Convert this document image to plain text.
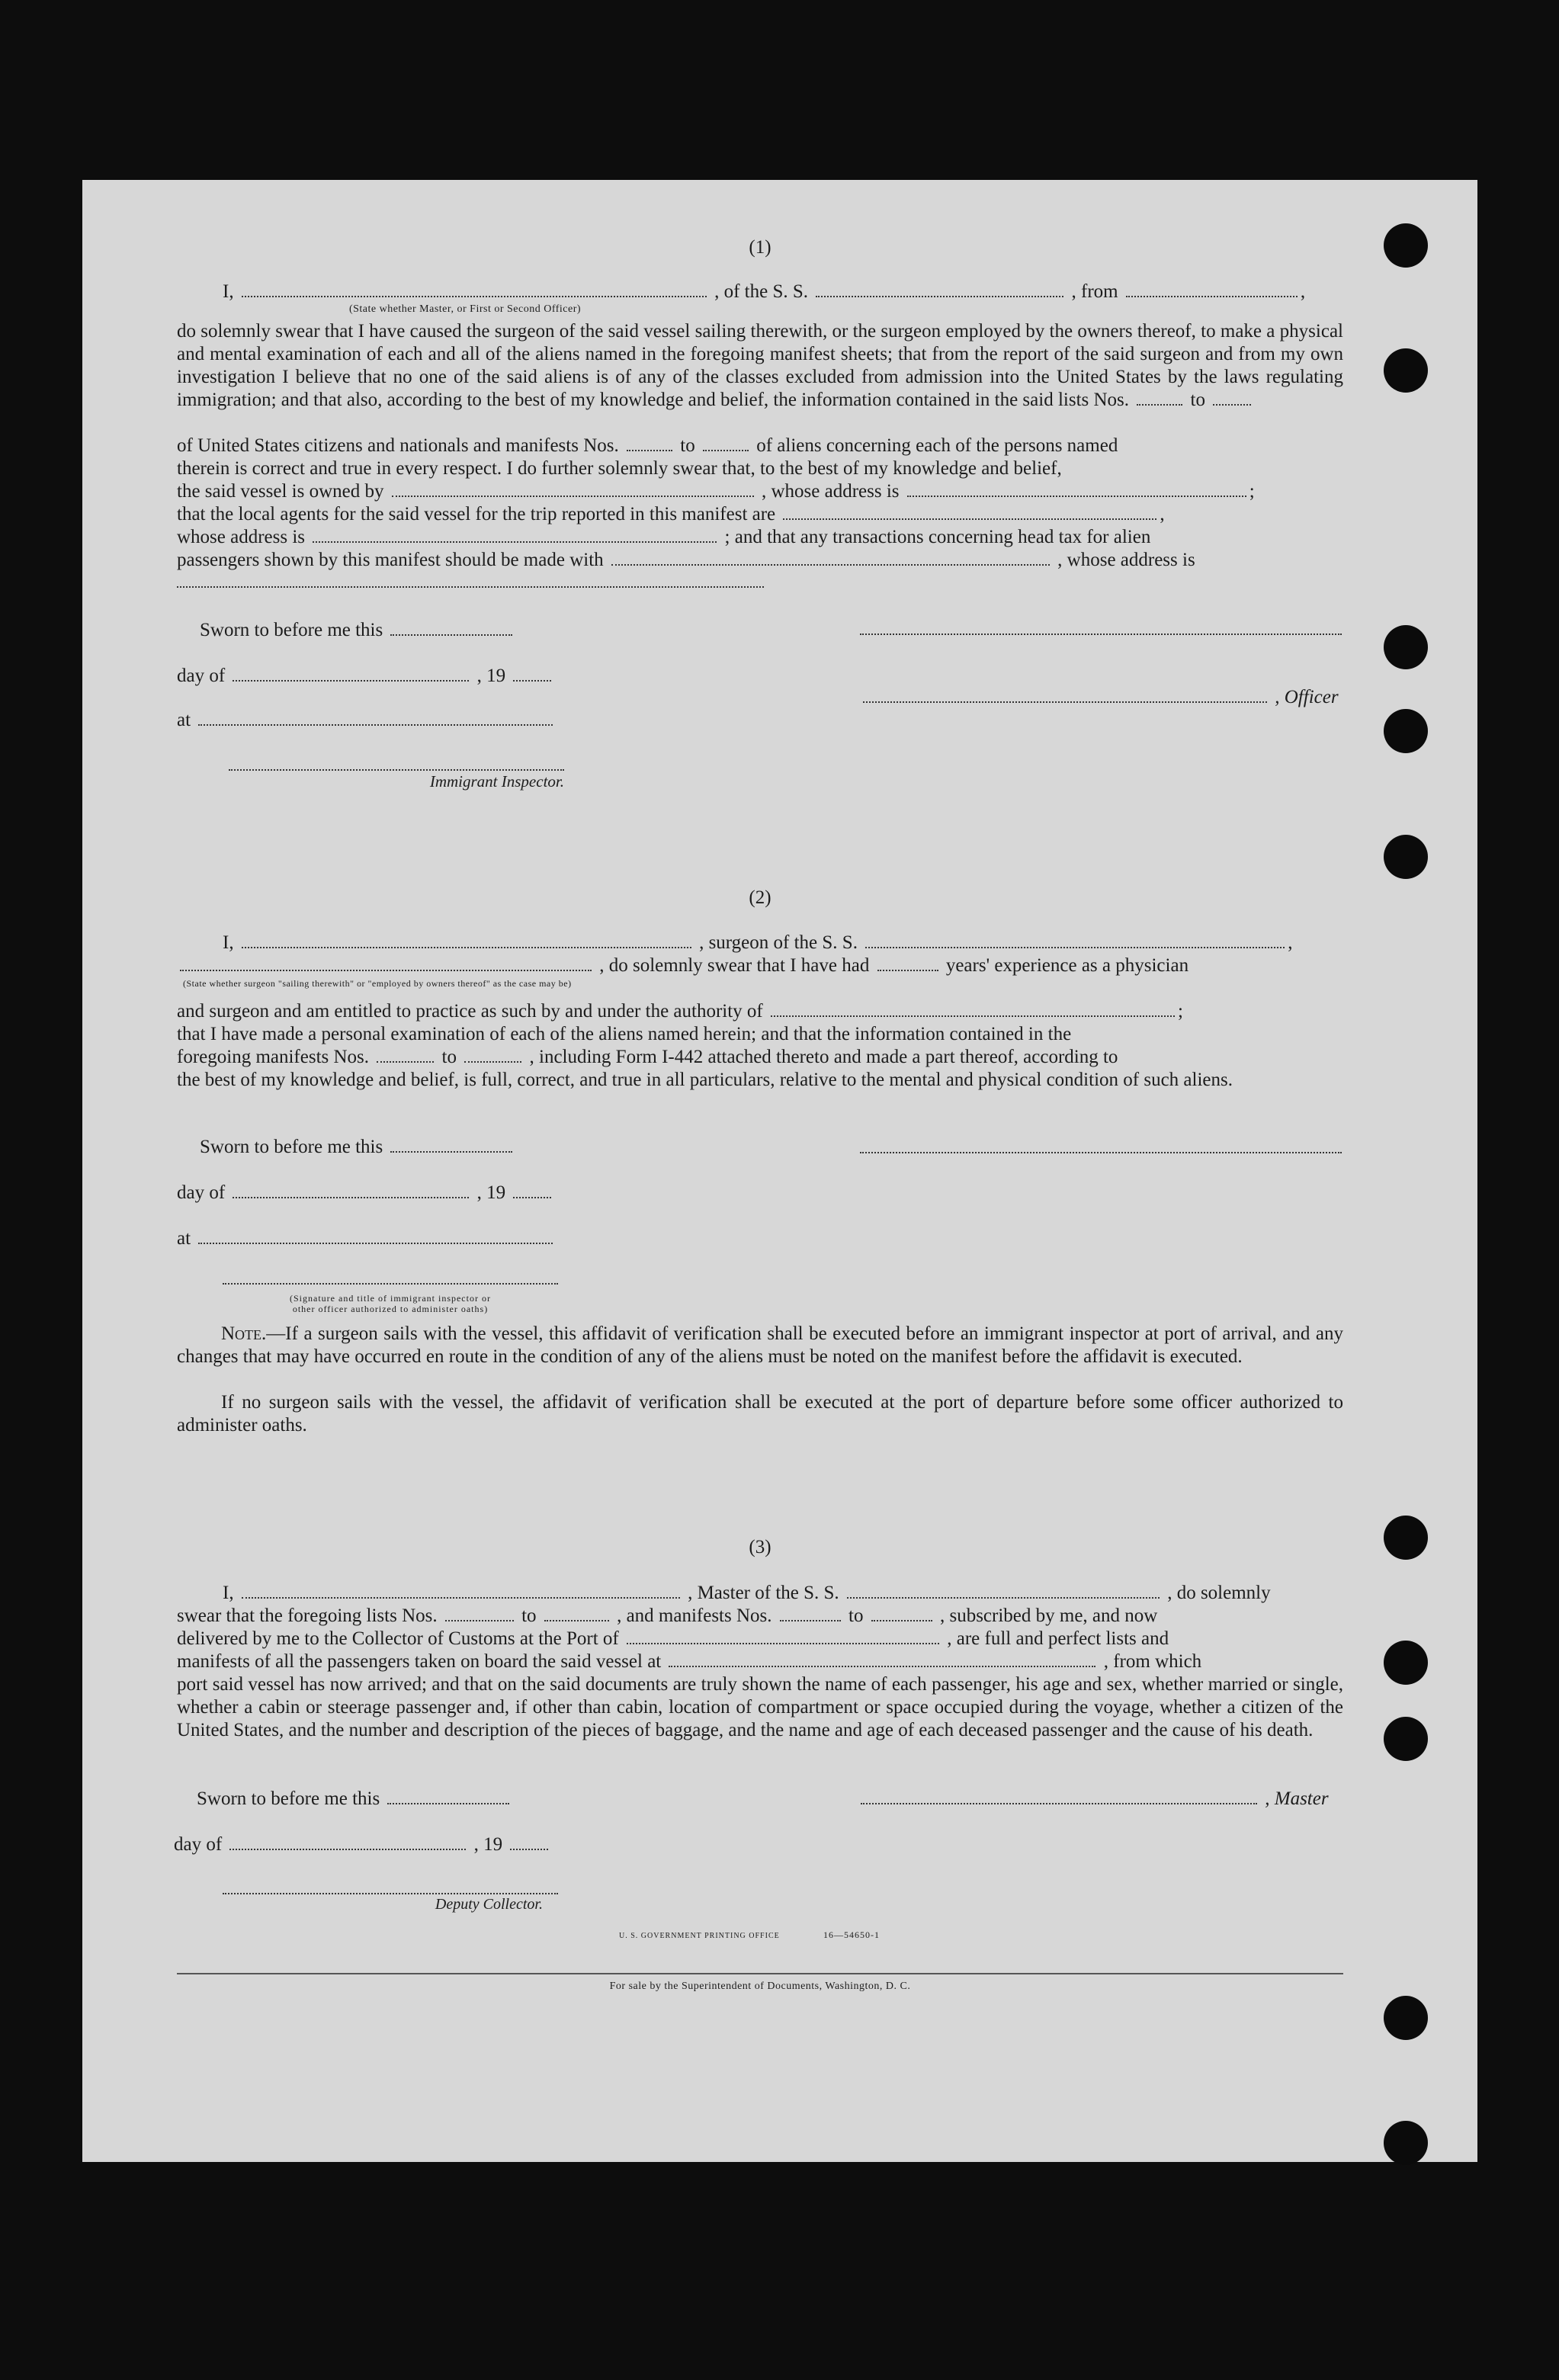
(1)
I,	, of the S. S.	, from	,
(State whether Master, or First or Second Officer)

do solemnly swear that I have caused the surgeon of the said vessel sailing therewith, or the surgeon employed by the owners thereof, to make a physical and mental examination of each and all of the aliens named in the foregoing manifest sheets; that from the report of the said surgeon and from my own investigation I believe that no one of the said aliens is of any of the classes excluded from admission into the United States by the laws regulating immigration; and that also, according to the best of my knowledge and belief, the information contained in the said lists Nos.	to
of United States citizens and nationals and manifests Nos.	to	of aliens concerning each of the persons named
therein is correct and true in every respect. I do further solemnly swear that, to the best of my knowledge and belief,
the said vessel is owned by	, whose address is	;
that the local agents for the said vessel for the trip reported in this manifest are	,
whose address is	; and that any transactions concerning head tax for alien
passengers shown by this manifest should be made with	, whose address is
Sworn to before me this
day of	, 19
, Officer
at
Immigrant Inspector.
(2)
I,	, surgeon of the S. S.	,
, do solemnly swear that I have had	years' experience as a physician
(State whether surgeon "sailing therewith" or "employed by owners thereof" as the case may be)
and surgeon and am entitled to practice as such by and under the authority of	;
that I have made a personal examination of each of the aliens named herein; and that the information contained in the
foregoing manifests Nos.	to	, including Form I-442 attached thereto and made a part thereof, according to
the best of my knowledge and belief, is full, correct, and true in all particulars, relative to the mental and physical condition of such aliens.
Sworn to before me this
day of	, 19
at
(Signature and title of immigrant inspector or
other officer authorized to administer oaths)
Note.—If a surgeon sails with the vessel, this affidavit of verification shall be executed before an immigrant inspector at port of arrival, and any changes that may have occurred en route in the condition of any of the aliens must be noted on the manifest before the affidavit is executed.
If no surgeon sails with the vessel, the affidavit of verification shall be executed at the port of departure before some officer authorized to administer oaths.
(3)
I,	, Master of the S. S.	, do solemnly
swear that the foregoing lists Nos.	to	, and manifests Nos.	to	, subscribed by me, and now
delivered by me to the Collector of Customs at the Port of	, are full and perfect lists and
manifests of all the passengers taken on board the said vessel at	, from which
port said vessel has now arrived; and that on the said documents are truly shown the name of each passenger, his age and sex, whether married or single, whether a cabin or steerage passenger and, if other than cabin, location of compartment or space occupied during the voyage, whether a citizen of the United States, and the number and description of the pieces of baggage, and the name and age of each deceased passenger and the cause of his death.
Sworn to before me this	, Master
day of	, 19
Deputy Collector.
U. S. GOVERNMENT PRINTING OFFICE	16—54650-1
For sale by the Superintendent of Documents, Washington, D. C.
